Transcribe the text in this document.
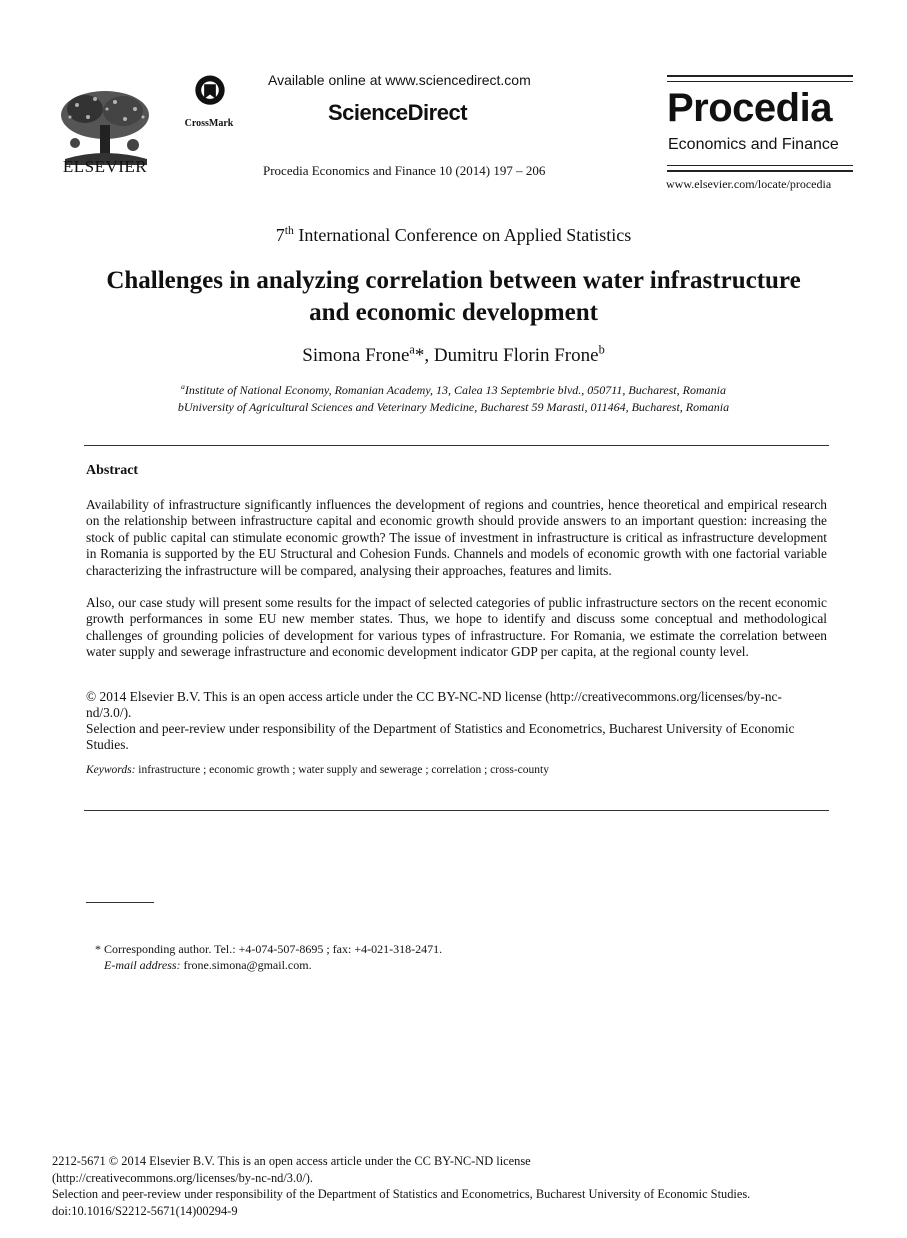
ELSEVIER
CrossMark
Available online at www.sciencedirect.com
ScienceDirect
Procedia Economics and Finance 10 (2014) 197 – 206
Procedia
Economics and Finance
www.elsevier.com/locate/procedia
7th International Conference on Applied Statistics
Challenges in analyzing correlation between water infrastructure and economic development
Simona Frone$^a$*, Dumitru Florin Frone$^b$
$^a$Institute of National Economy, Romanian Academy, 13, Calea 13 Septembrie blvd., 050711, Bucharest, Romania
bUniversity of Agricultural Sciences and Veterinary Medicine, Bucharest 59 Marasti, 011464, Bucharest, Romania
Abstract
Availability of infrastructure significantly influences the development of regions and countries, hence theoretical and empirical research on the relationship between infrastructure capital and economic growth should provide answers to an important question: increasing the stock of public capital can stimulate economic growth? The issue of investment in infrastructure is critical as infrastructure development in Romania is supported by the EU Structural and Cohesion Funds. Channels and models of economic growth with one factorial variable characterizing the infrastructure will be compared, analysing their approaches, features and limits.
Also, our case study will present some results for the impact of selected categories of public infrastructure sectors on the recent economic growth performances in some EU new member states. Thus, we hope to identify and discuss some conceptual and methodological challenges of grounding policies of development for various types of infrastructure. For Romania, we estimate the correlation between water supply and sewerage infrastructure and economic development indicator GDP per capita, at the regional county level.
© 2014 Elsevier B.V. This is an open access article under the CC BY-NC-ND license (http://creativecommons.org/licenses/by-nc-nd/3.0/).
Selection and peer-review under responsibility of the Department of Statistics and Econometrics, Bucharest University of Economic Studies.
Keywords: infrastructure ; economic growth ; water supply and sewerage ; correlation ; cross-county
* Corresponding author. Tel.: +4-074-507-8695 ; fax: +4-021-318-2471.
E-mail address: frone.simona@gmail.com.
2212-5671 © 2014 Elsevier B.V. This is an open access article under the CC BY-NC-ND license
(http://creativecommons.org/licenses/by-nc-nd/3.0/).
Selection and peer-review under responsibility of the Department of Statistics and Econometrics, Bucharest University of Economic Studies.
doi:10.1016/S2212-5671(14)00294-9
